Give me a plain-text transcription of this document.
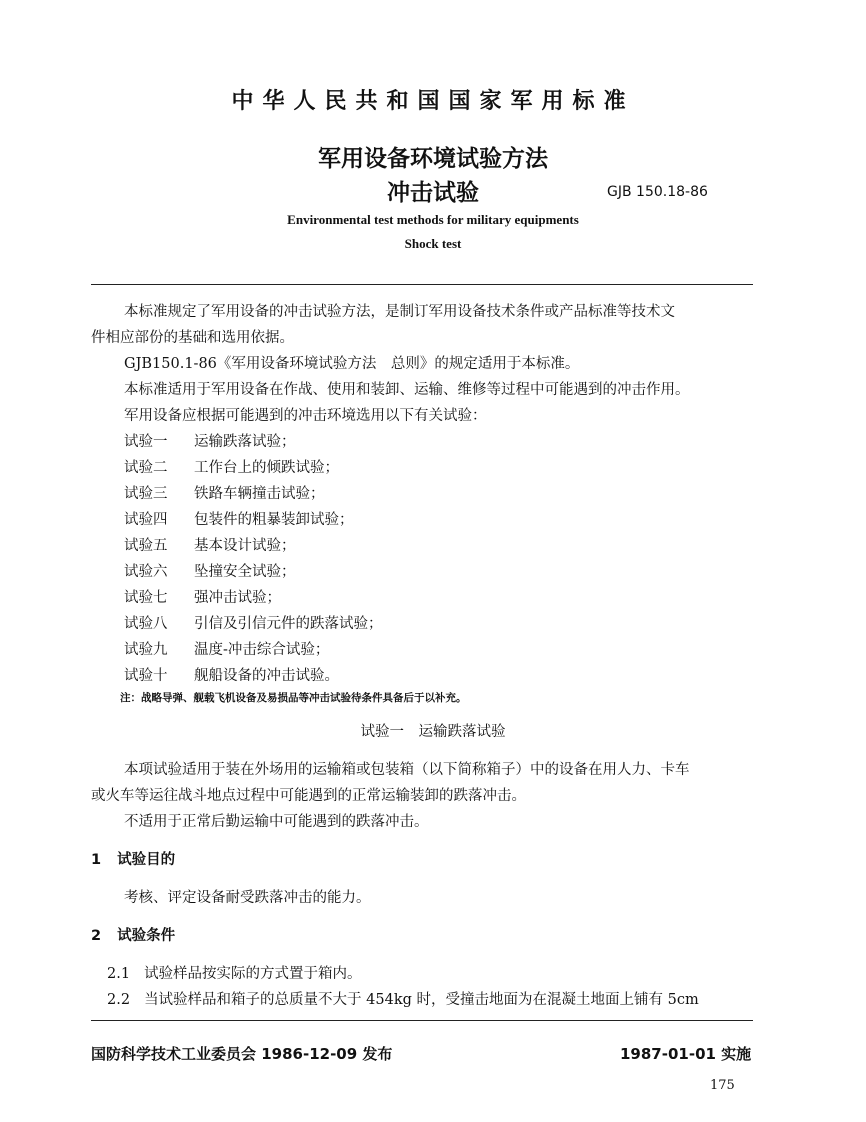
中华人民共和国国家军用标准
军用设备环境试验方法
冲击试验	GJB 150.18-86
Environmental test methods for military equipments
Shock test
本标准规定了军用设备的冲击试验方法，是制订军用设备技术条件或产品标准等技术文
件相应部份的基础和选用依据。
GJB150.1-86《军用设备环境试验方法　总则》的规定适用于本标准。
本标准适用于军用设备在作战、使用和装卸、运输、维修等过程中可能遇到的冲击作用。
军用设备应根据可能遇到的冲击环境选用以下有关试验：
试验一 运输跌落试验；
试验二 工作台上的倾跌试验；
试验三 铁路车辆撞击试验；
试验四 包装件的粗暴装卸试验；
试验五 基本设计试验；
试验六 坠撞安全试验；
试验七 强冲击试验；
试验八 引信及引信元件的跌落试验；
试验九 温度-冲击综合试验；
试验十 舰船设备的冲击试验。
注：战略导弹、舰载飞机设备及易损品等冲击试验待条件具备后于以补充。
试验一　运输跌落试验
本项试验适用于装在外场用的运输箱或包装箱（以下简称箱子）中的设备在用人力、卡车
或火车等运往战斗地点过程中可能遇到的正常运输装卸的跌落冲击。
不适用于正常后勤运输中可能遇到的跌落冲击。
1 试验目的
考核、评定设备耐受跌落冲击的能力。
2 试验条件
2.1 试验样品按实际的方式置于箱内。
2.2 当试验样品和箱子的总质量不大于 454kg 时，受撞击地面为在混凝土地面上铺有 5cm
国防科学技术工业委员会 1986-12-09 发布	1987-01-01 实施
175
